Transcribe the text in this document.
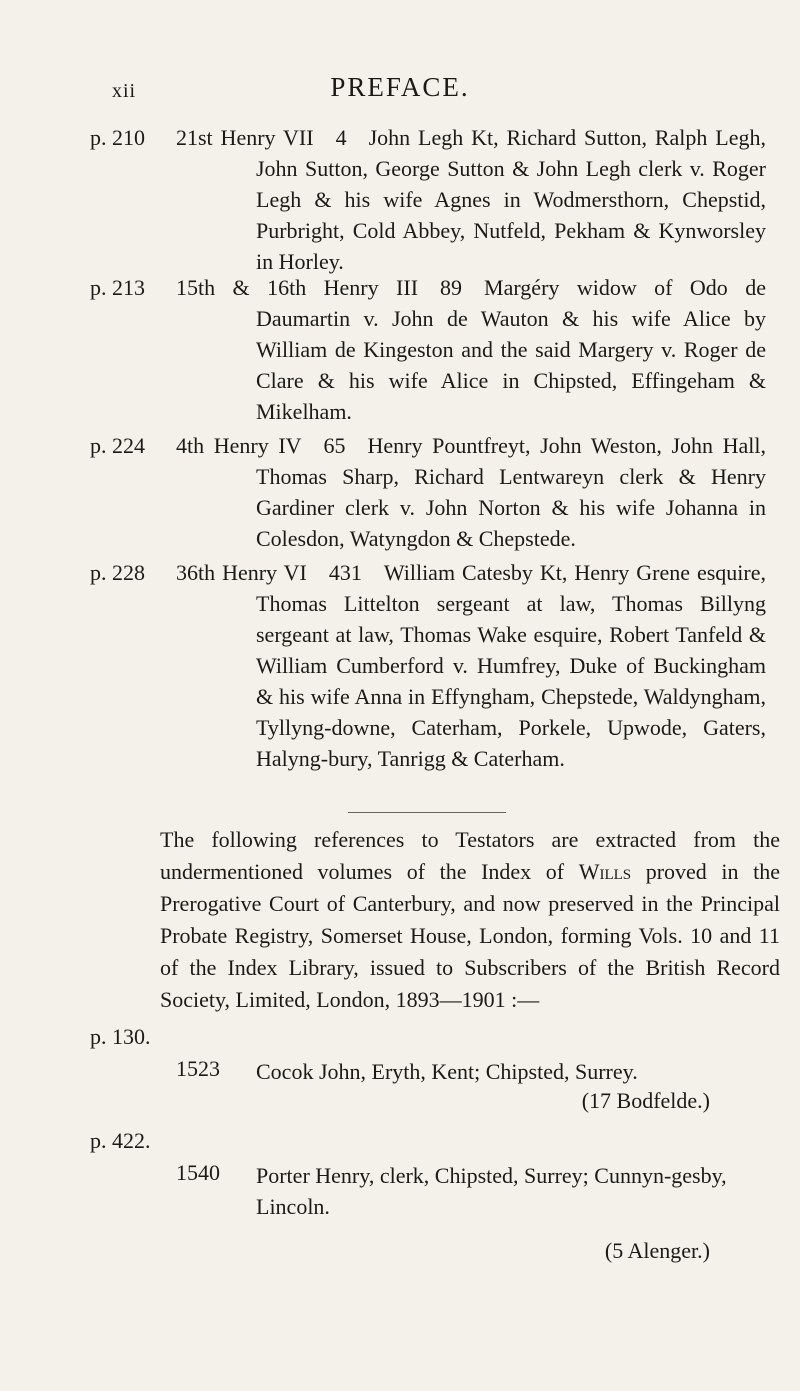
xii	PREFACE.
p. 210 21st Henry VII  4  John Legh Kt, Richard Sutton, Ralph Legh, John Sutton, George Sutton & John Legh clerk v. Roger Legh & his wife Agnes in Wodmersthorn, Chepstid, Purbright, Cold Abbey, Nutfeld, Pekham & Kynworsley in Horley.
p. 213 15th & 16th Henry III  89  Margéry widow of Odo de Daumartin v. John de Wauton & his wife Alice by William de Kingeston and the said Margery v. Roger de Clare & his wife Alice in Chipsted, Effingeham & Mikelham.
p. 224 4th Henry IV  65  Henry Pountfreyt, John Weston, John Hall, Thomas Sharp, Richard Lentwareyn clerk & Henry Gardiner clerk v. John Norton & his wife Johanna in Colesdon, Watyngdon & Chepstede.
p. 228 36th Henry VI  431  William Catesby Kt, Henry Grene esquire, Thomas Littelton sergeant at law, Thomas Billyng sergeant at law, Thomas Wake esquire, Robert Tanfeld & William Cumberford v. Humfrey, Duke of Buckingham & his wife Anna in Effyngham, Chepstede, Waldyngham, Tyllyng-downe, Caterham, Porkele, Upwode, Gaters, Halyng-bury, Tanrigg & Caterham.
The following references to Testators are extracted from the undermentioned volumes of the Index of Wills proved in the Prerogative Court of Canterbury, and now preserved in the Principal Probate Registry, Somerset House, London, forming Vols. 10 and 11 of the Index Library, issued to Subscribers of the British Record Society, Limited, London, 1893—1901 :—
p. 130.
1523 Cocok John, Eryth, Kent; Chipsted, Surrey.
(17 Bodfelde.)
p. 422.
1540 Porter Henry, clerk, Chipsted, Surrey; Cunnyn-gesby, Lincoln.
(5 Alenger.)
